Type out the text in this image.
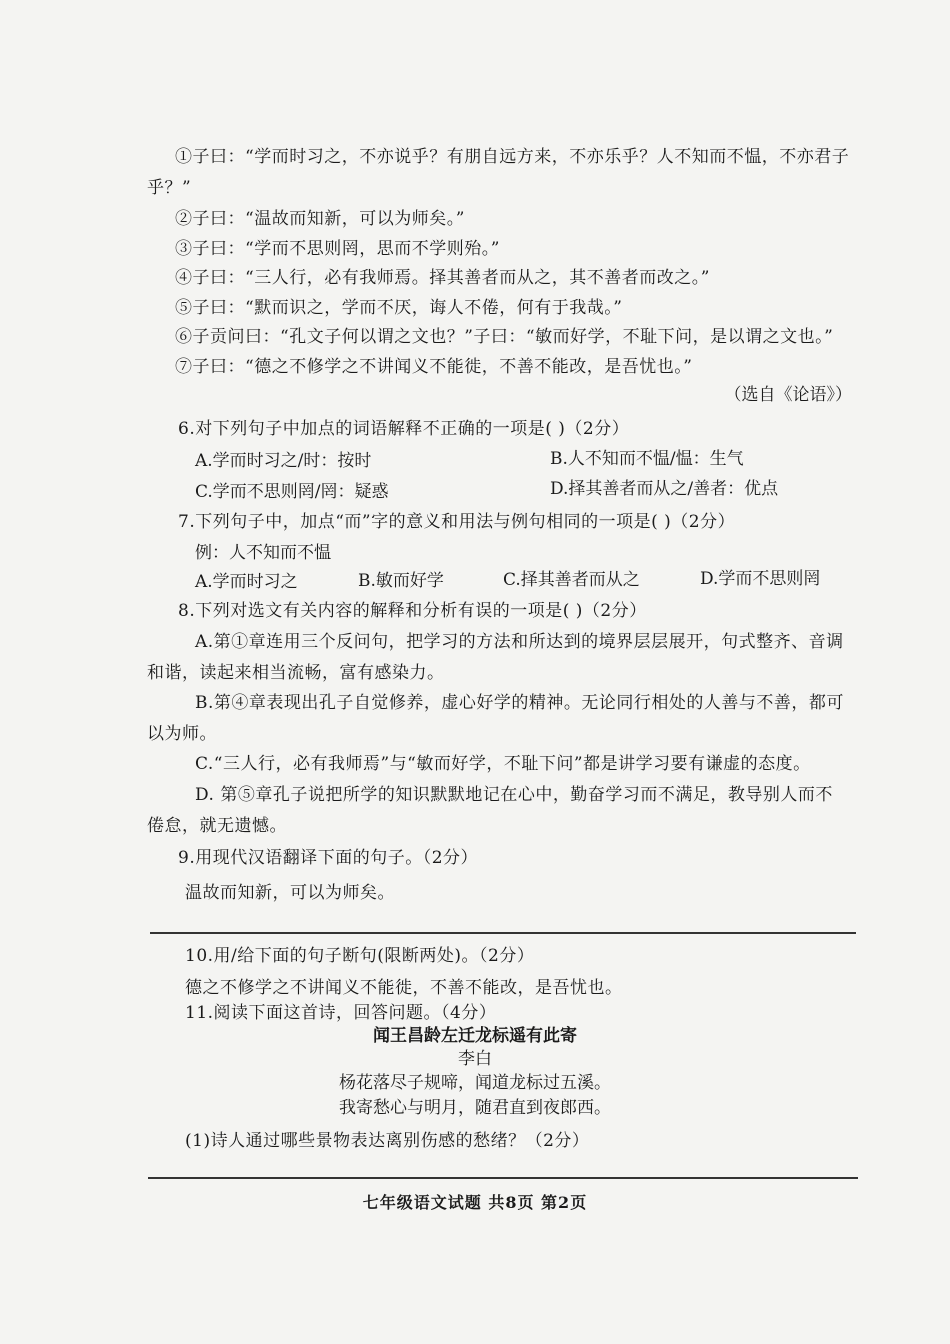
①子曰：“学而时习之，不亦说乎？有朋自远方来，不亦乐乎？人不知而不愠，不亦君子
乎？”
②子曰：“温故而知新，可以为师矣。”
③子曰：“学而不思则罔，思而不学则殆。”
④子曰：“三人行，必有我师焉。择其善者而从之，其不善者而改之。”
⑤子曰：“默而识之，学而不厌，诲人不倦，何有于我哉。”
⑥子贡问曰：“孔文子何以谓之文也？”子曰：“敏而好学，不耻下问，是以谓之文也。”
⑦子曰：“德之不修学之不讲闻义不能徙，不善不能改，是吾忧也。”
（选自《论语》）
6.对下列句子中加点的词语解释不正确的一项是( )（2分）
A.学而时习之/时：按时	B.人不知而不愠/愠：生气
C.学而不思则罔/罔：疑惑	D.择其善者而从之/善者：优点
7.下列句子中，加点“而”字的意义和用法与例句相同的一项是( )（2分）
例：人不知而不愠
A.学而时习之	B.敏而好学	C.择其善者而从之	D.学而不思则罔
8.下列对选文有关内容的解释和分析有误的一项是( )（2分）
A.第①章连用三个反问句，把学习的方法和所达到的境界层层展开，句式整齐、音调
和谐，读起来相当流畅，富有感染力。
B.第④章表现出孔子自觉修养，虚心好学的精神。无论同行相处的人善与不善，都可
以为师。
C.“三人行，必有我师焉”与“敏而好学，不耻下问”都是讲学习要有谦虚的态度。
D. 第⑤章孔子说把所学的知识默默地记在心中，勤奋学习而不满足，教导别人而不
倦怠，就无遗憾。
9.用现代汉语翻译下面的句子。（2分）
温故而知新，可以为师矣。
10.用/给下面的句子断句(限断两处)。（2分）
德之不修学之不讲闻义不能徙，不善不能改，是吾忧也。
11.阅读下面这首诗，回答问题。（4分）
闻王昌龄左迁龙标遥有此寄
李白
杨花落尽子规啼，闻道龙标过五溪。
我寄愁心与明月，随君直到夜郎西。
(1)诗人通过哪些景物表达离别伤感的愁绪？（2分）
七年级语文试题 共8页 第2页
